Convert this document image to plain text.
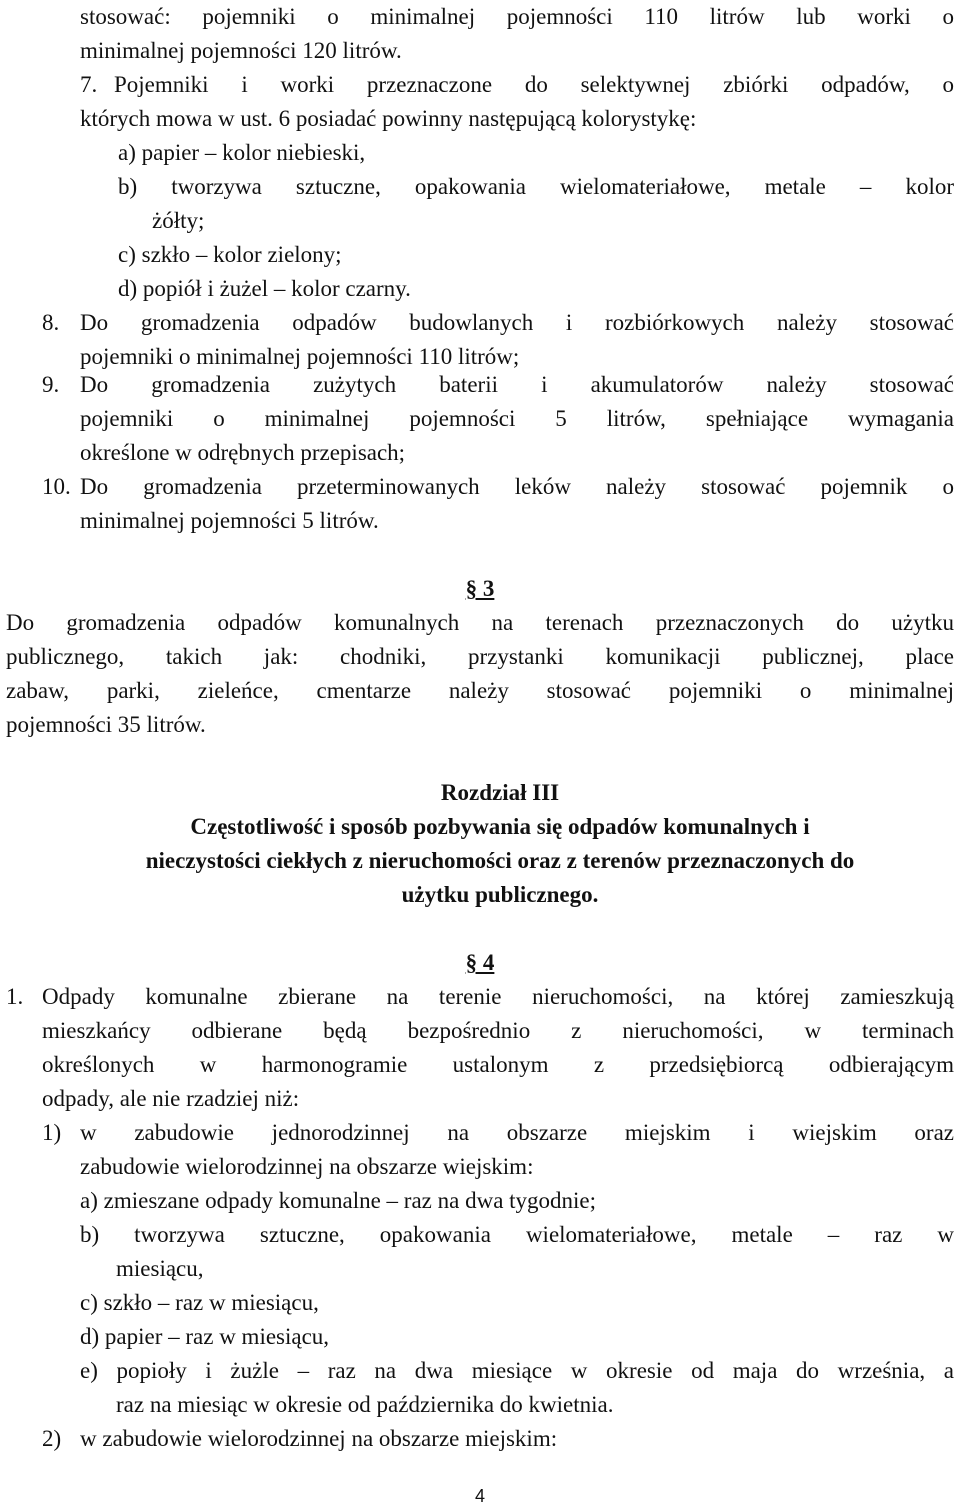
stosować: pojemniki o minimalnej pojemności 110 litrów lub worki o
minimalnej pojemności 120 litrów.
7. Pojemniki i worki przeznaczone do selektywnej zbiórki odpadów, o
których mowa w ust. 6 posiadać powinny następującą kolorystykę:
a) papier – kolor niebieski,
b) tworzywa sztuczne, opakowania wielomateriałowe, metale – kolor
żółty;
c) szkło – kolor zielony;
d) popiół i żużel – kolor czarny.
8. Do gromadzenia odpadów budowlanych i rozbiórkowych należy stosować
pojemniki o minimalnej pojemności 110 litrów;
9. Do gromadzenia zużytych baterii i akumulatorów należy stosować
pojemniki o minimalnej pojemności 5 litrów, spełniające wymagania
określone w odrębnych przepisach;
10. Do gromadzenia przeterminowanych leków należy stosować pojemnik o
minimalnej pojemności 5 litrów.
§ 3
Do gromadzenia odpadów komunalnych na terenach przeznaczonych do użytku
publicznego, takich jak: chodniki, przystanki komunikacji publicznej, place
zabaw, parki, zieleńce, cmentarze należy stosować pojemniki o minimalnej
pojemności 35 litrów.
Rozdział III
Częstotliwość i sposób pozbywania się odpadów komunalnych i
nieczystości ciekłych z nieruchomości oraz z terenów przeznaczonych do
użytku publicznego.
§ 4
1. Odpady komunalne zbierane na terenie nieruchomości, na której zamieszkują
mieszkańcy odbierane będą bezpośrednio z nieruchomości, w terminach
określonych w harmonogramie ustalonym z przedsiębiorcą odbierającym
odpady, ale nie rzadziej niż:
1) w zabudowie jednorodzinnej na obszarze miejskim i wiejskim oraz
zabudowie wielorodzinnej na obszarze wiejskim:
a) zmieszane odpady komunalne – raz na dwa tygodnie;
b) tworzywa sztuczne, opakowania wielomateriałowe, metale – raz w
miesiącu,
c) szkło – raz w miesiącu,
d) papier – raz w miesiącu,
e) popioły i żużle – raz na dwa miesiące w okresie od maja do września, a
raz na miesiąc w okresie od października do kwietnia.
2) w zabudowie wielorodzinnej na obszarze miejskim:
4
